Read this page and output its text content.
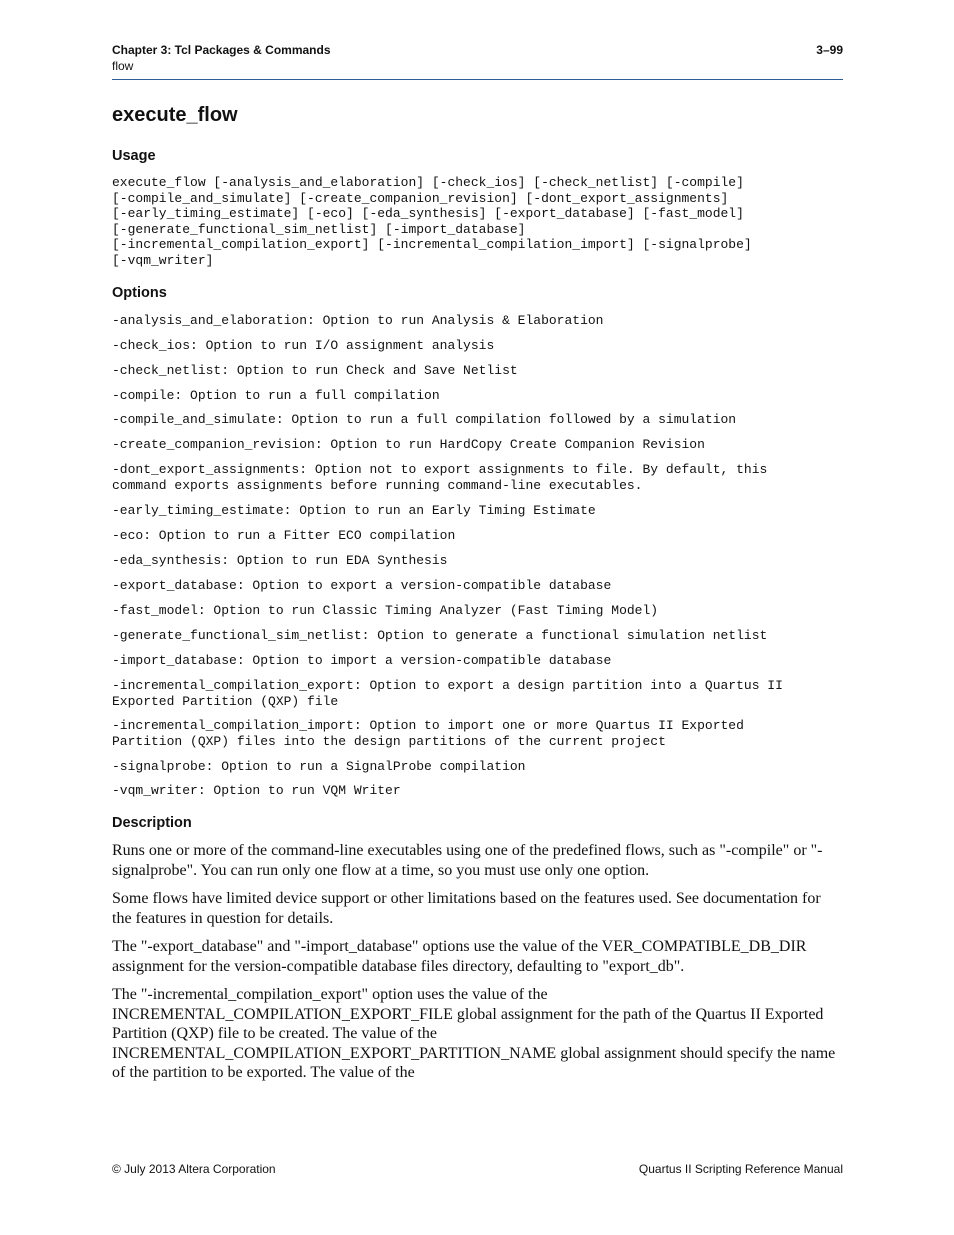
Chapter 3: Tcl Packages & Commands
flow
3–99
execute_flow
Usage
execute_flow [-analysis_and_elaboration] [-check_ios] [-check_netlist] [-compile]
[-compile_and_simulate] [-create_companion_revision] [-dont_export_assignments]
[-early_timing_estimate] [-eco] [-eda_synthesis] [-export_database] [-fast_model]
[-generate_functional_sim_netlist] [-import_database]
[-incremental_compilation_export] [-incremental_compilation_import] [-signalprobe]
[-vqm_writer]
Options
-analysis_and_elaboration: Option to run Analysis & Elaboration
-check_ios: Option to run I/O assignment analysis
-check_netlist: Option to run Check and Save Netlist
-compile: Option to run a full compilation
-compile_and_simulate: Option to run a full compilation followed by a simulation
-create_companion_revision: Option to run HardCopy Create Companion Revision
-dont_export_assignments: Option not to export assignments to file. By default, this
command exports assignments before running command-line executables.
-early_timing_estimate: Option to run an Early Timing Estimate
-eco: Option to run a Fitter ECO compilation
-eda_synthesis: Option to run EDA Synthesis
-export_database: Option to export a version-compatible database
-fast_model: Option to run Classic Timing Analyzer (Fast Timing Model)
-generate_functional_sim_netlist: Option to generate a functional simulation netlist
-import_database: Option to import a version-compatible database
-incremental_compilation_export: Option to export a design partition into a Quartus II
Exported Partition (QXP) file
-incremental_compilation_import: Option to import one or more Quartus II Exported
Partition (QXP) files into the design partitions of the current project
-signalprobe: Option to run a SignalProbe compilation
-vqm_writer: Option to run VQM Writer
Description

Runs one or more of the command-line executables using one of the predefined flows, such as "-compile" or "-signalprobe". You can run only one flow at a time, so you must use only one option.

Some flows have limited device support or other limitations based on the features used. See documentation for the features in question for details.

The "-export_database" and "-import_database" options use the value of the VER_COMPATIBLE_DB_DIR assignment for the version-compatible database files directory, defaulting to "export_db".

The "-incremental_compilation_export" option uses the value of the INCREMENTAL_COMPILATION_EXPORT_FILE global assignment for the path of the Quartus II Exported Partition (QXP) file to be created. The value of the INCREMENTAL_COMPILATION_EXPORT_PARTITION_NAME global assignment should specify the name of the partition to be exported. The value of the

© July 2013 Altera Corporation	Quartus II Scripting Reference Manual
